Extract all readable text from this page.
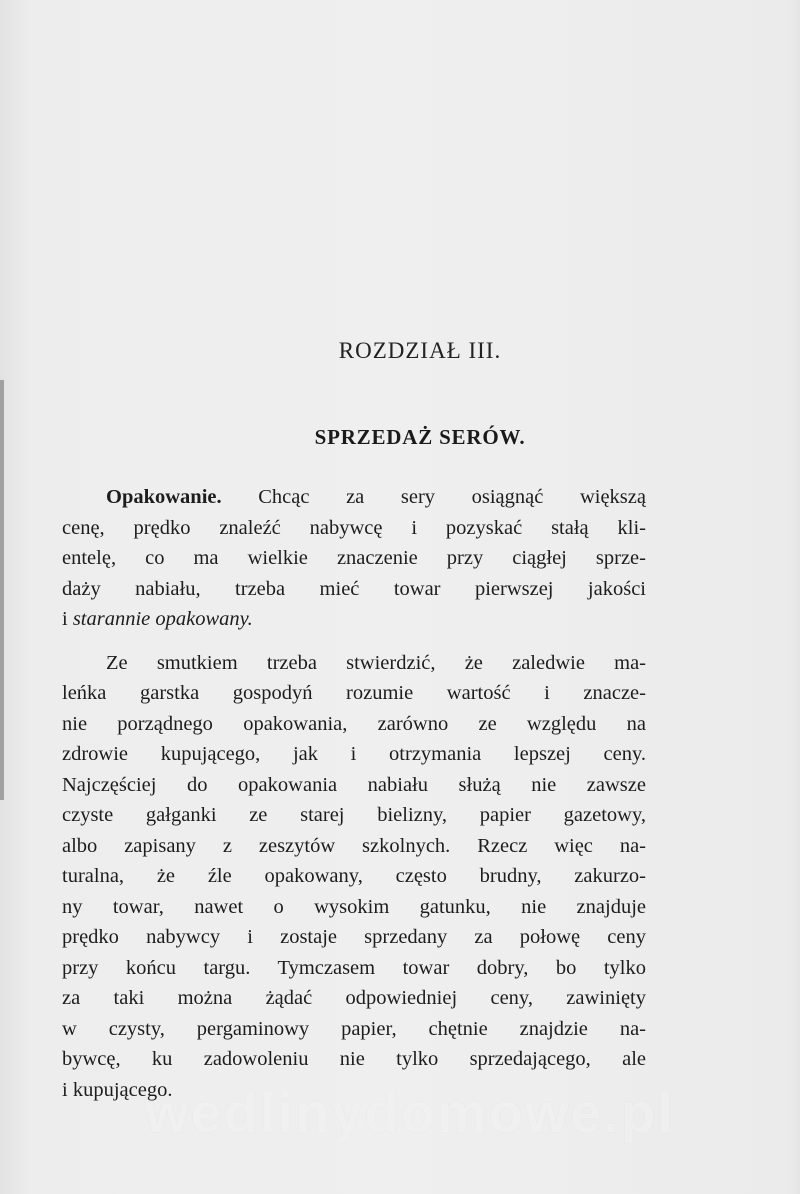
ROZDZIAŁ III.
SPRZEDAŻ SERÓW.
Opakowanie. Chcąc za sery osiągnąć większą
cenę, prędko znaleźć nabywcę i pozyskać stałą kli-
entelę, co ma wielkie znaczenie przy ciągłej sprze-
daży nabiału, trzeba mieć towar pierwszej jakości
i starannie opakowany.
Ze smutkiem trzeba stwierdzić, że zaledwie ma-
leńka garstka gospodyń rozumie wartość i znacze-
nie porządnego opakowania, zarówno ze względu na
zdrowie kupującego, jak i otrzymania lepszej ceny.
Najczęściej do opakowania nabiału służą nie zawsze
czyste gałganki ze starej bielizny, papier gazetowy,
albo zapisany z zeszytów szkolnych. Rzecz więc na-
turalna, że źle opakowany, często brudny, zakurzo-
ny towar, nawet o wysokim gatunku, nie znajduje
prędko nabywcy i zostaje sprzedany za połowę ceny
przy końcu targu. Tymczasem towar dobry, bo tylko
za taki można żądać odpowiedniej ceny, zawinięty
w czysty, pergaminowy papier, chętnie znajdzie na-
bywcę, ku zadowoleniu nie tylko sprzedającego, ale
i kupującego.
wedlinydomowe.pl
